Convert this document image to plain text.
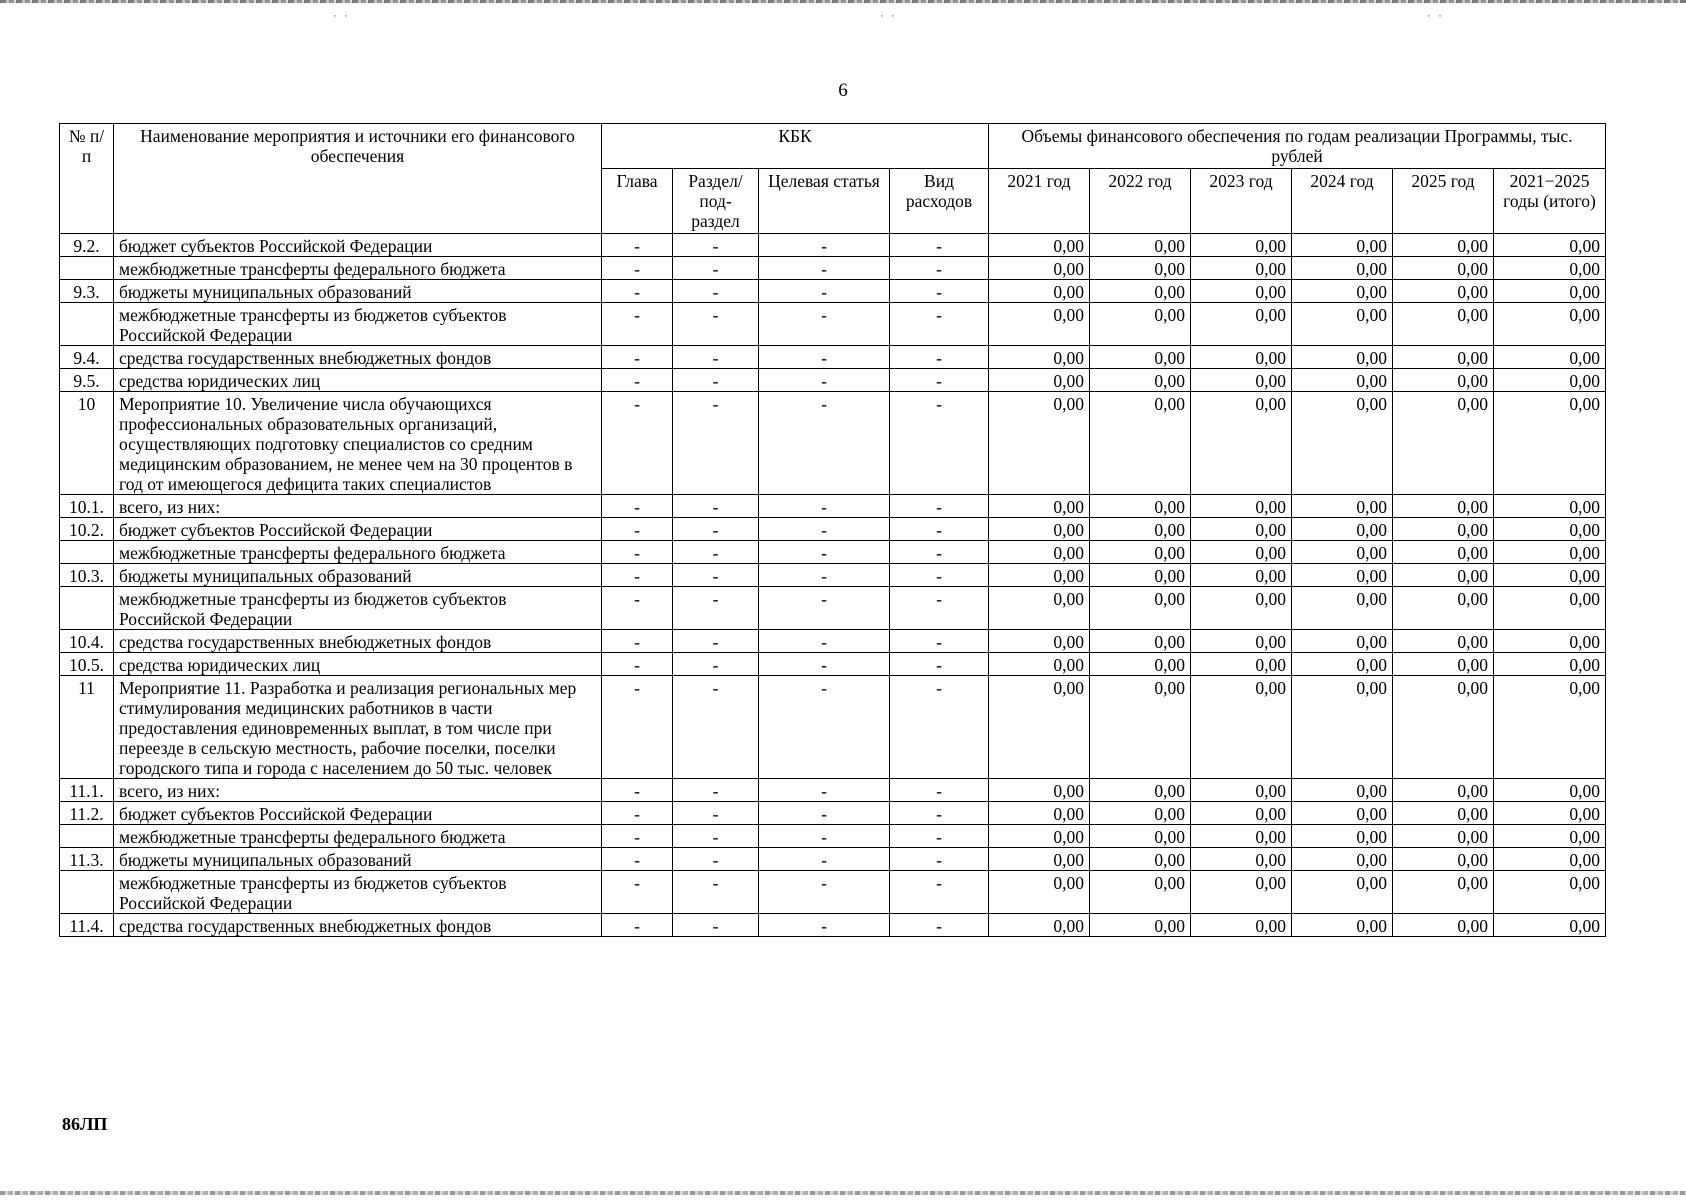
˙ ˙	˙ ˙	˙ ˙
6
№ п/п	Наименование мероприятия и источники его финансового обеспечения	КБК				Объемы финансового обеспечения по годам реализации Программы, тыс. рублей					
		Глава	Раздел/ под- раздел	Целевая статья	Вид расходов	2021 год	2022 год	2023 год	2024 год	2025 год	2021−2025 годы (итого)
9.2.	бюджет субъектов Российской Федерации	-	-	-	-	0,00	0,00	0,00	0,00	0,00	0,00
	межбюджетные трансферты федерального бюджета	-	-	-	-	0,00	0,00	0,00	0,00	0,00	0,00
9.3.	бюджеты муниципальных образований	-	-	-	-	0,00	0,00	0,00	0,00	0,00	0,00
	межбюджетные трансферты из бюджетов субъектов Российской Федерации	-	-	-	-	0,00	0,00	0,00	0,00	0,00	0,00
9.4.	средства государственных внебюджетных фондов	-	-	-	-	0,00	0,00	0,00	0,00	0,00	0,00
9.5.	средства юридических лиц	-	-	-	-	0,00	0,00	0,00	0,00	0,00	0,00
10	Мероприятие 10. Увеличение числа обучающихся профессиональных образовательных организаций, осуществляющих подготовку специалистов со средним медицинским образованием, не менее чем на 30 процентов в год от имеющегося дефицита таких специалистов	-	-	-	-	0,00	0,00	0,00	0,00	0,00	0,00
10.1.	всего, из них:	-	-	-	-	0,00	0,00	0,00	0,00	0,00	0,00
10.2.	бюджет субъектов Российской Федерации	-	-	-	-	0,00	0,00	0,00	0,00	0,00	0,00
	межбюджетные трансферты федерального бюджета	-	-	-	-	0,00	0,00	0,00	0,00	0,00	0,00
10.3.	бюджеты муниципальных образований	-	-	-	-	0,00	0,00	0,00	0,00	0,00	0,00
	межбюджетные трансферты из бюджетов субъектов Российской Федерации	-	-	-	-	0,00	0,00	0,00	0,00	0,00	0,00
10.4.	средства государственных внебюджетных фондов	-	-	-	-	0,00	0,00	0,00	0,00	0,00	0,00
10.5.	средства юридических лиц	-	-	-	-	0,00	0,00	0,00	0,00	0,00	0,00
11	Мероприятие 11. Разработка и реализация региональных мер стимулирования медицинских работников в части предоставления единовременных выплат, в том числе при переезде в сельскую местность, рабочие поселки, поселки городского типа и города с населением до 50 тыс. человек	-	-	-	-	0,00	0,00	0,00	0,00	0,00	0,00
11.1.	всего, из них:	-	-	-	-	0,00	0,00	0,00	0,00	0,00	0,00
11.2.	бюджет субъектов Российской Федерации	-	-	-	-	0,00	0,00	0,00	0,00	0,00	0,00
	межбюджетные трансферты федерального бюджета	-	-	-	-	0,00	0,00	0,00	0,00	0,00	0,00
11.3.	бюджеты муниципальных образований	-	-	-	-	0,00	0,00	0,00	0,00	0,00	0,00
	межбюджетные трансферты из бюджетов субъектов Российской Федерации	-	-	-	-	0,00	0,00	0,00	0,00	0,00	0,00
11.4.	средства государственных внебюджетных фондов	-	-	-	-	0,00	0,00	0,00	0,00	0,00	0,00
86ЛП
